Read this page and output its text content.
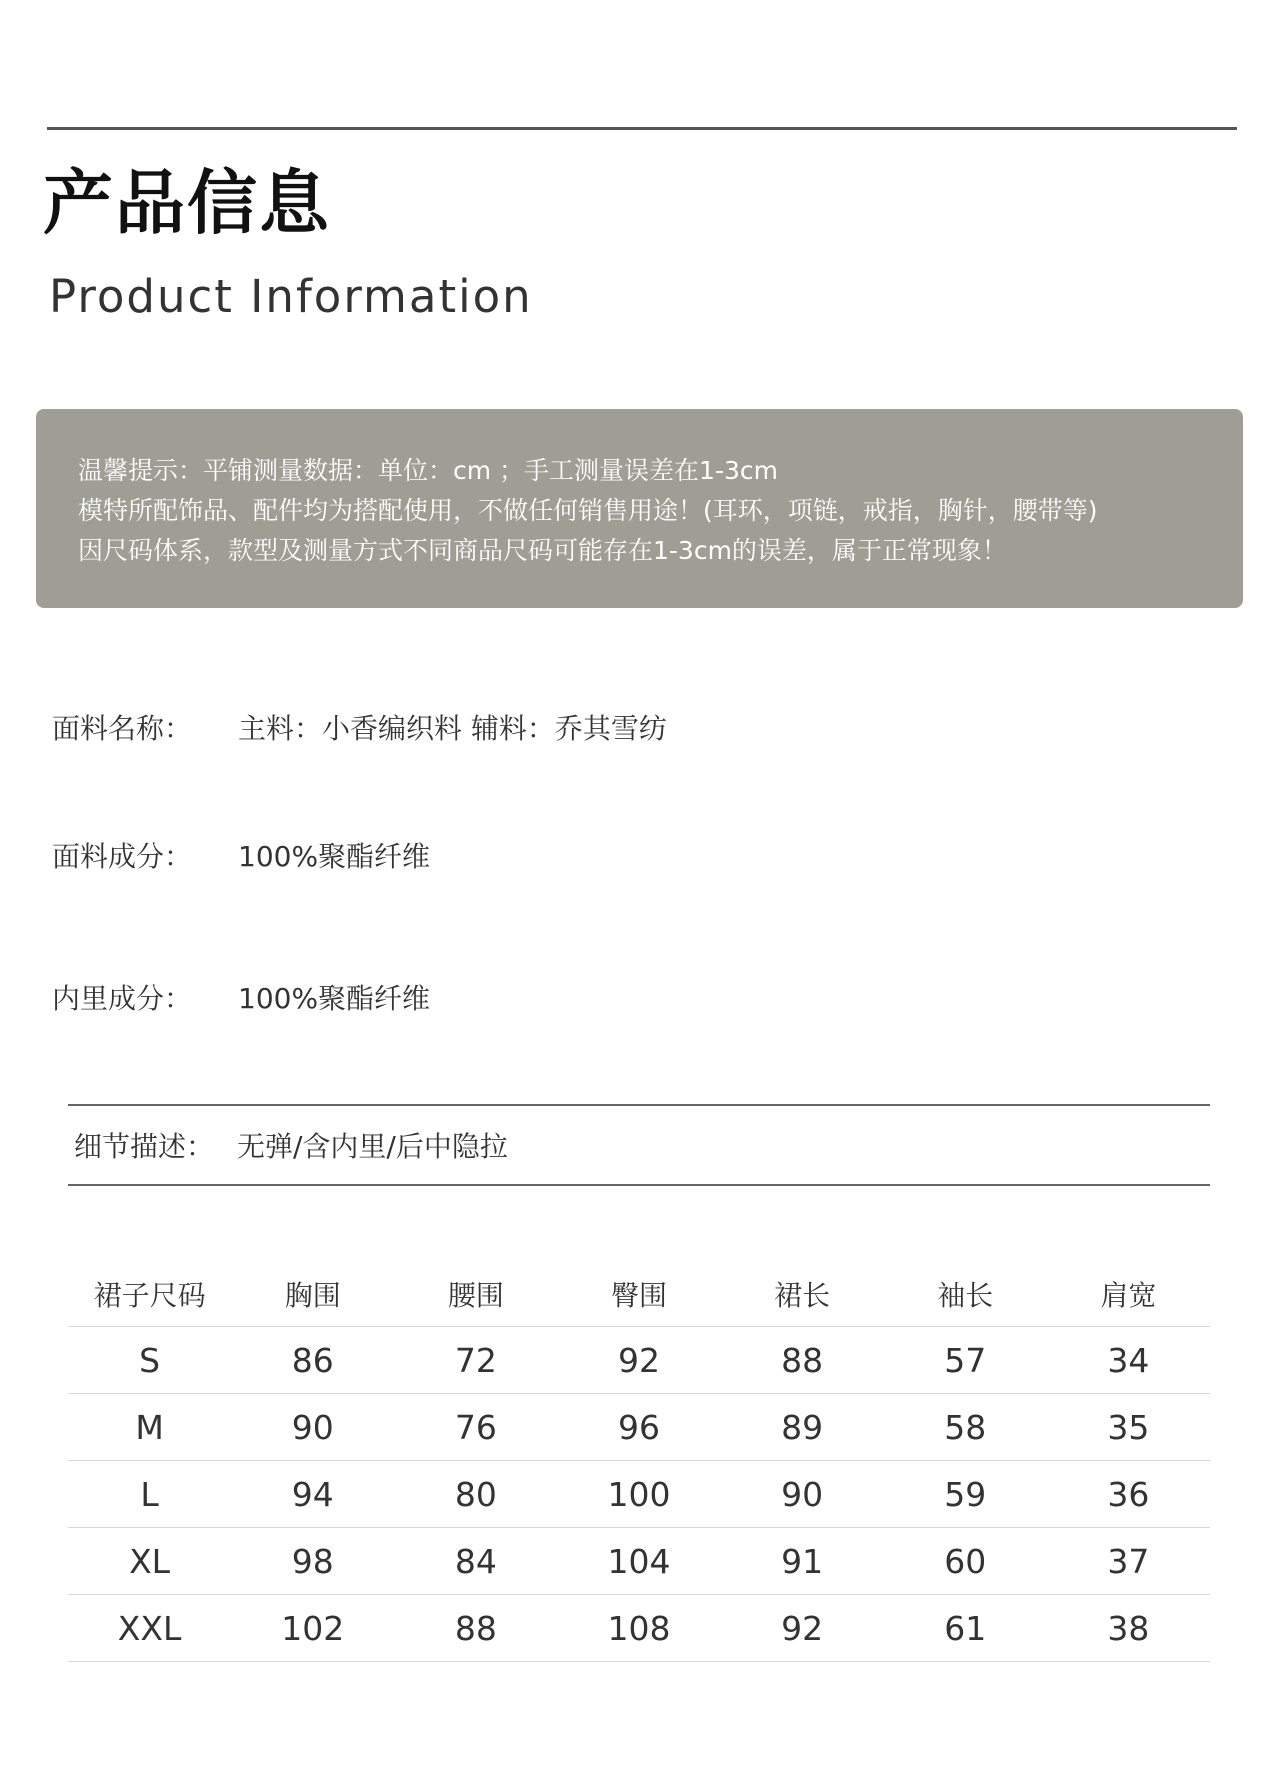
产品信息
Product Information
温馨提示：平铺测量数据：单位：cm ；手工测量误差在1-3cm
模特所配饰品、配件均为搭配使用，不做任何销售用途！(耳环，项链，戒指，胸针，腰带等)
因尺码体系，款型及测量方式不同商品尺码可能存在1-3cm的误差，属于正常现象！
面料名称： 主料：小香编织料 辅料：乔其雪纺
面料成分： 100%聚酯纤维
内里成分： 100%聚酯纤维
细节描述： 无弹/含内里/后中隐拉
裙子尺码	胸围	腰围	臀围	裙长	袖长	肩宽
S	86	72	92	88	57	34
M	90	76	96	89	58	35
L	94	80	100	90	59	36
XL	98	84	104	91	60	37
XXL	102	88	108	92	61	38
